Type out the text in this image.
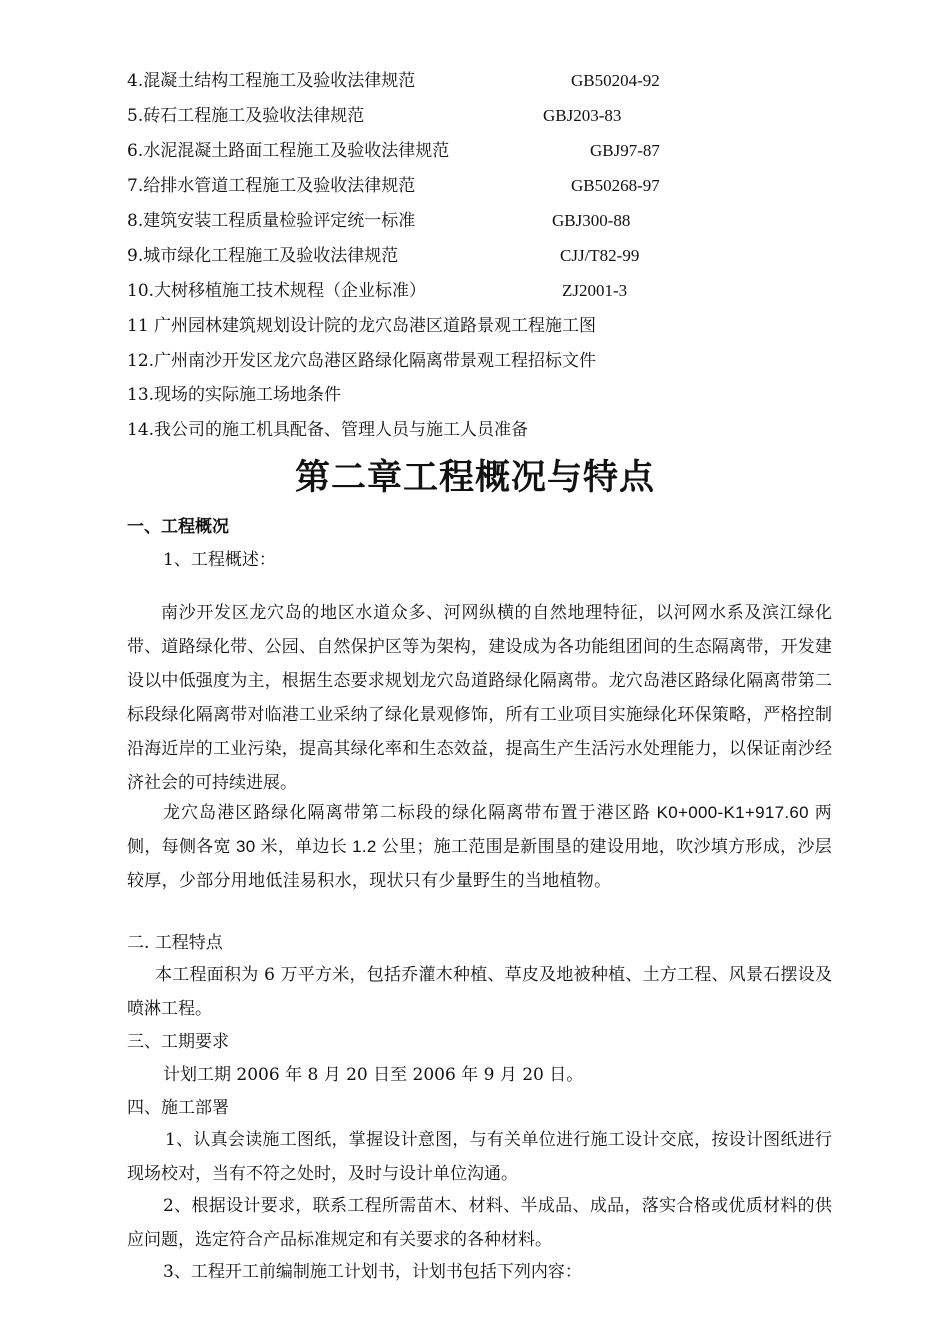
4.混凝土结构工程施工及验收法律规范	GB50204-92
5.砖石工程施工及验收法律规范	GBJ203-83
6.水泥混凝土路面工程施工及验收法律规范	GBJ97-87
7.给排水管道工程施工及验收法律规范	GB50268-97
8.建筑安装工程质量检验评定统一标准	GBJ300-88
9.城市绿化工程施工及验收法律规范	CJJ/T82-99
10.大树移植施工技术规程（企业标准）	ZJ2001-3
11 广州园林建筑规划设计院的龙穴岛港区道路景观工程施工图
12.广州南沙开发区龙穴岛港区路绿化隔离带景观工程招标文件
13.现场的实际施工场地条件
14.我公司的施工机具配备、管理人员与施工人员准备
第二章工程概况与特点
一、工程概况
1、工程概述：
南沙开发区龙穴岛的地区水道众多、河网纵横的自然地理特征，以河网水系及滨江绿化带、道路绿化带、公园、自然保护区等为架构，建设成为各功能组团间的生态隔离带，开发建设以中低强度为主，根据生态要求规划龙穴岛道路绿化隔离带。龙穴岛港区路绿化隔离带第二标段绿化隔离带对临港工业采纳了绿化景观修饰，所有工业项目实施绿化环保策略，严格控制沿海近岸的工业污染，提高其绿化率和生态效益，提高生产生活污水处理能力，以保证南沙经济社会的可持续进展。
龙穴岛港区路绿化隔离带第二标段的绿化隔离带布置于港区路 K0+000-K1+917.60 两侧，每侧各宽 30 米，单边长 1.2 公里；施工范围是新围垦的建设用地，吹沙填方形成，沙层较厚，少部分用地低洼易积水，现状只有少量野生的当地植物。
二. 工程特点
本工程面积为 6 万平方米，包括乔灌木种植、草皮及地被种植、土方工程、风景石摆设及喷淋工程。
三、工期要求
计划工期 2006 年 8 月 20 日至 2006 年 9 月 20 日。
四、施工部署
1、认真会读施工图纸，掌握设计意图，与有关单位进行施工设计交底，按设计图纸进行现场校对，当有不符之处时，及时与设计单位沟通。
2、根据设计要求，联系工程所需苗木、材料、半成品、成品，落实合格或优质材料的供应问题，选定符合产品标准规定和有关要求的各种材料。
3、工程开工前编制施工计划书，计划书包括下列内容：
